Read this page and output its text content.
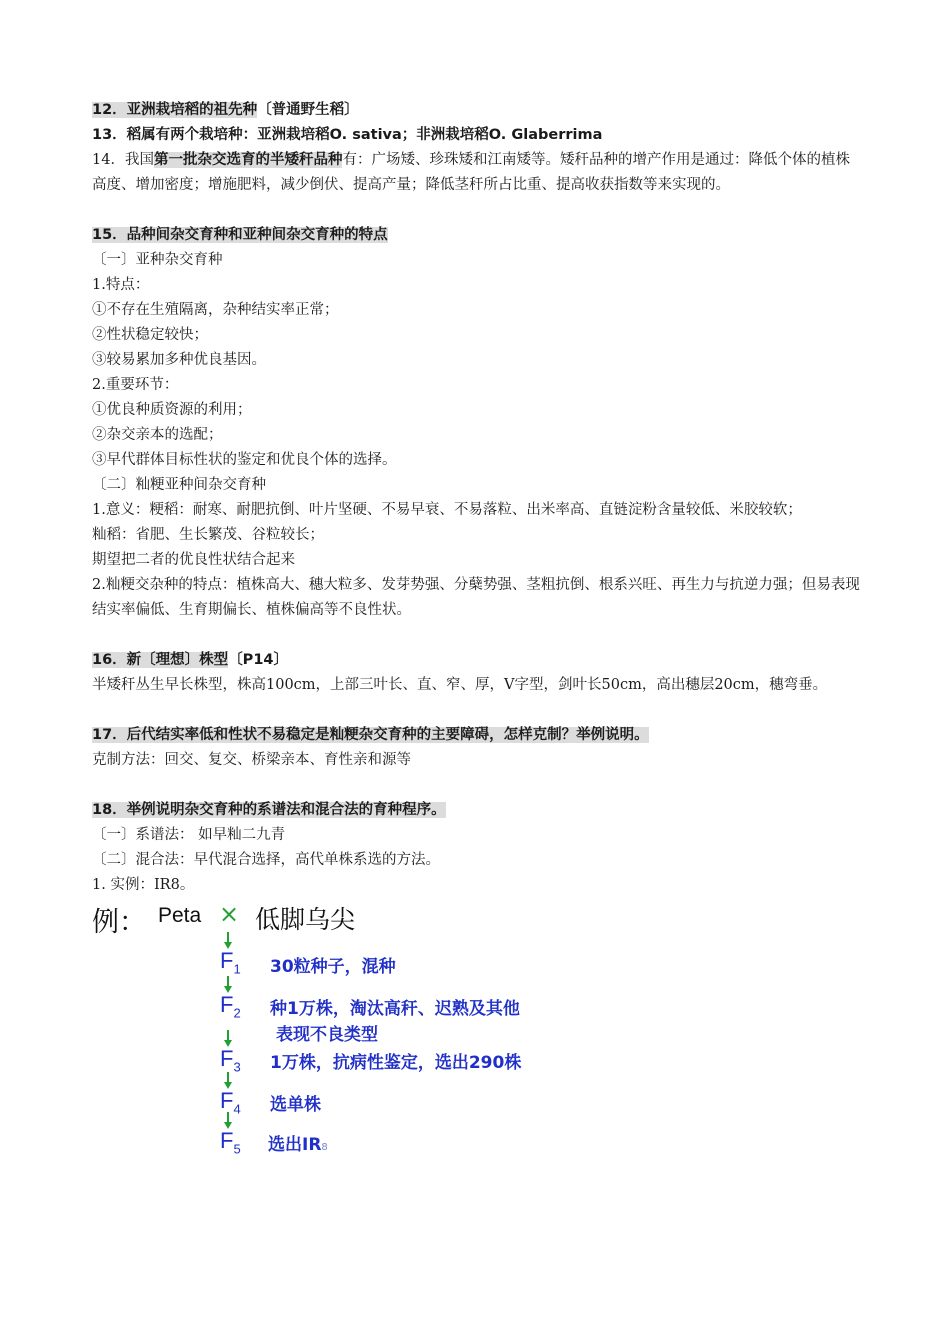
12．亚洲栽培稻的祖先种〔普通野生稻〕
13．稻属有两个栽培种：亚洲栽培稻O. sativa；非洲栽培稻O. Glaberrima
14．我国第一批杂交选育的半矮秆品种有：广场矮、珍珠矮和江南矮等。矮秆品种的增产作用是通过：降低个体的植株高度、增加密度；增施肥料，减少倒伏、提高产量；降低茎秆所占比重、提高收获指数等来实现的。
15．品种间杂交育种和亚种间杂交育种的特点
〔一〕亚种杂交育种
1.特点：
①不存在生殖隔离，杂种结实率正常；
②性状稳定较快；
③较易累加多种优良基因。
2.重要环节：
①优良种质资源的利用；
②杂交亲本的选配；
③早代群体目标性状的鉴定和优良个体的选择。
〔二〕籼粳亚种间杂交育种
1.意义：粳稻：耐寒、耐肥抗倒、叶片坚硬、不易早衰、不易落粒、出米率高、直链淀粉含量较低、米胶较软；
籼稻：省肥、生长繁茂、谷粒较长；
期望把二者的优良性状结合起来
2.籼粳交杂种的特点：植株高大、穗大粒多、发芽势强、分蘖势强、茎粗抗倒、根系兴旺、再生力与抗逆力强；但易表现结实率偏低、生育期偏长、植株偏高等不良性状。
16．新〔理想〕株型〔P14〕
半矮秆丛生早长株型，株高100cm，上部三叶长、直、窄、厚，V字型，剑叶长50cm，高出穗层20cm，穗弯垂。
17．后代结实率低和性状不易稳定是籼粳杂交育种的主要障碍，怎样克制？举例说明。
克制方法：回交、复交、桥梁亲本、育性亲和源等
18．举例说明杂交育种的系谱法和混合法的育种程序。
〔一〕系谱法： 如早籼二九青
〔二〕混合法：早代混合选择，高代单株系选的方法。
1. 实例：IR8。
例： Peta × 低脚乌尖
$F_1$ 30粒种子，混种
$F_2$ 种1万株，淘汰高秆、迟熟及其他
表现不良类型
$F_3$ 1万株，抗病性鉴定，选出290株
$F_4$ 选单株
$F_5$ 选出IR8
